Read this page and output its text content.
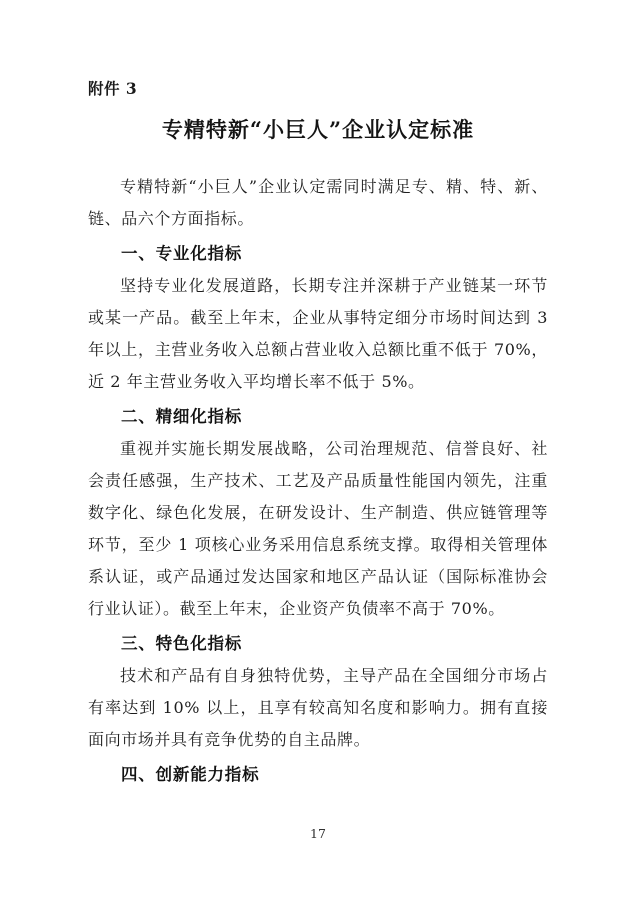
附件 3
专精特新“小巨人”企业认定标准

专精特新“小巨人”企业认定需同时满足专、精、特、新、链、品六个方面指标。

一、专业化指标

坚持专业化发展道路，长期专注并深耕于产业链某一环节或某一产品。截至上年末，企业从事特定细分市场时间达到 3 年以上，主营业务收入总额占营业收入总额比重不低于 70%，近 2 年主营业务收入平均增长率不低于 5%。

二、精细化指标

重视并实施长期发展战略，公司治理规范、信誉良好、社会责任感强，生产技术、工艺及产品质量性能国内领先，注重数字化、绿色化发展，在研发设计、生产制造、供应链管理等环节，至少 1 项核心业务采用信息系统支撑。取得相关管理体系认证，或产品通过发达国家和地区产品认证（国际标准协会行业认证）。截至上年末，企业资产负债率不高于 70%。

三、特色化指标

技术和产品有自身独特优势，主导产品在全国细分市场占有率达到 10% 以上，且享有较高知名度和影响力。拥有直接面向市场并具有竞争优势的自主品牌。

四、创新能力指标

17
